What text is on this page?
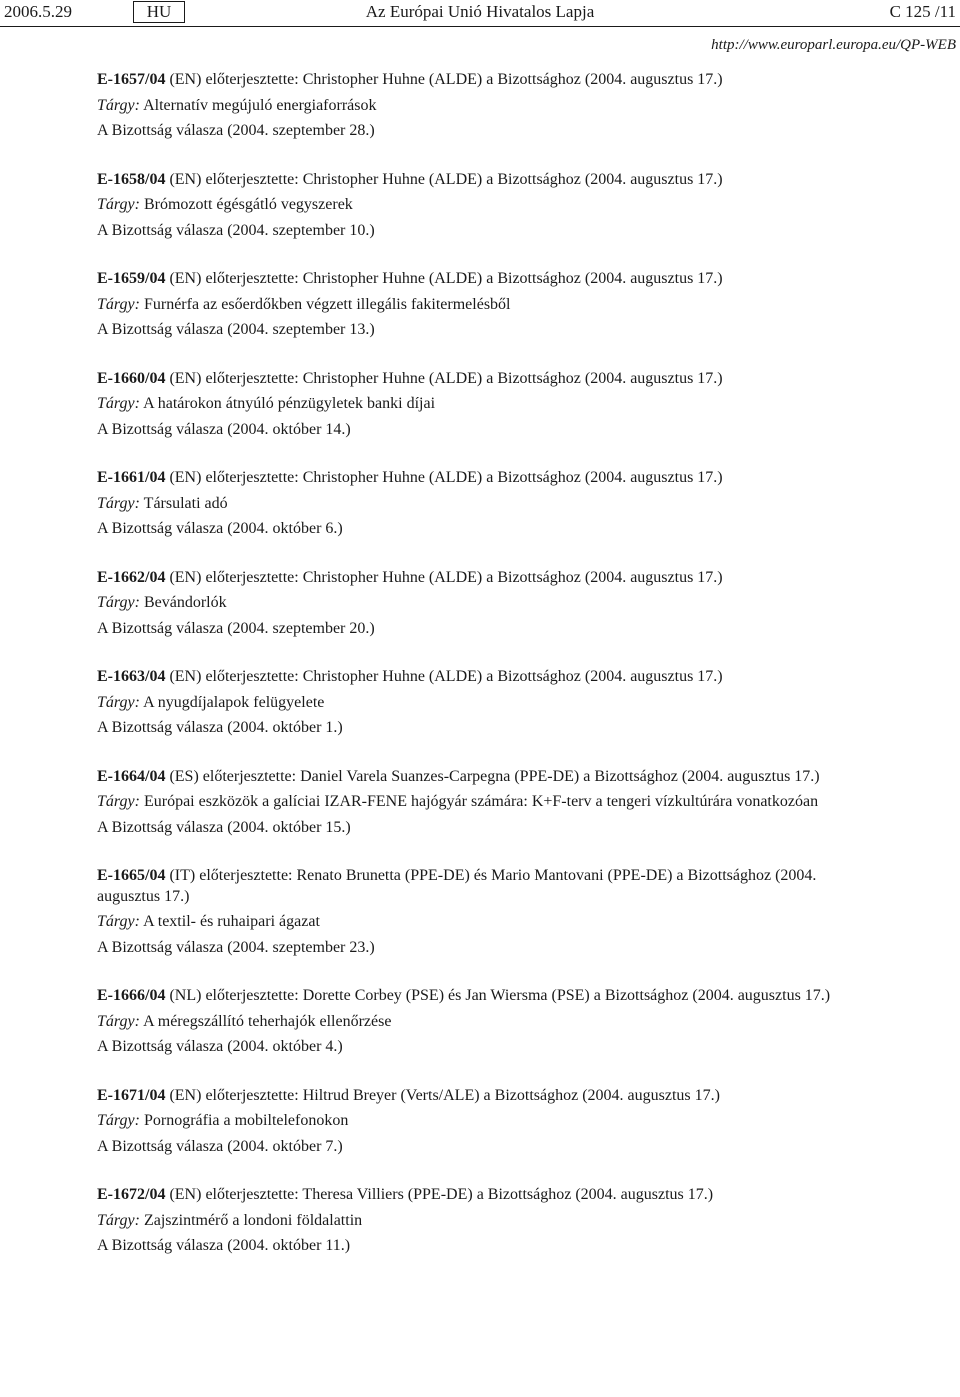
2006.5.29	HU	Az Európai Unió Hivatalos Lapja	C 125 /11
http://www.europarl.europa.eu/QP-WEB
E-1657/04 (EN) előterjesztette: Christopher Huhne (ALDE) a Bizottsághoz (2004. augusztus 17.)
Tárgy: Alternatív megújuló energiaforrások
A Bizottság válasza (2004. szeptember 28.)
E-1658/04 (EN) előterjesztette: Christopher Huhne (ALDE) a Bizottsághoz (2004. augusztus 17.)
Tárgy: Brómozott égésgátló vegyszerek
A Bizottság válasza (2004. szeptember 10.)
E-1659/04 (EN) előterjesztette: Christopher Huhne (ALDE) a Bizottsághoz (2004. augusztus 17.)
Tárgy: Furnérfa az esőerdőkben végzett illegális fakitermelésből
A Bizottság válasza (2004. szeptember 13.)
E-1660/04 (EN) előterjesztette: Christopher Huhne (ALDE) a Bizottsághoz (2004. augusztus 17.)
Tárgy: A határokon átnyúló pénzügyletek banki díjai
A Bizottság válasza (2004. október 14.)
E-1661/04 (EN) előterjesztette: Christopher Huhne (ALDE) a Bizottsághoz (2004. augusztus 17.)
Tárgy: Társulati adó
A Bizottság válasza (2004. október 6.)
E-1662/04 (EN) előterjesztette: Christopher Huhne (ALDE) a Bizottsághoz (2004. augusztus 17.)
Tárgy: Bevándorlók
A Bizottság válasza (2004. szeptember 20.)
E-1663/04 (EN) előterjesztette: Christopher Huhne (ALDE) a Bizottsághoz (2004. augusztus 17.)
Tárgy: A nyugdíjalapok felügyelete
A Bizottság válasza (2004. október 1.)
E-1664/04 (ES) előterjesztette: Daniel Varela Suanzes-Carpegna (PPE-DE) a Bizottsághoz (2004. augusztus 17.)
Tárgy: Európai eszközök a galíciai IZAR-FENE hajógyár számára: K+F-terv a tengeri vízkultúrára vonatkozóan
A Bizottság válasza (2004. október 15.)
E-1665/04 (IT) előterjesztette: Renato Brunetta (PPE-DE) és Mario Mantovani (PPE-DE) a Bizottsághoz (2004. augusztus 17.)
Tárgy: A textil- és ruhaipari ágazat
A Bizottság válasza (2004. szeptember 23.)
E-1666/04 (NL) előterjesztette: Dorette Corbey (PSE) és Jan Wiersma (PSE) a Bizottsághoz (2004. augusztus 17.)
Tárgy: A méregszállító teherhajók ellenőrzése
A Bizottság válasza (2004. október 4.)
E-1671/04 (EN) előterjesztette: Hiltrud Breyer (Verts/ALE) a Bizottsághoz (2004. augusztus 17.)
Tárgy: Pornográfia a mobiltelefonokon
A Bizottság válasza (2004. október 7.)
E-1672/04 (EN) előterjesztette: Theresa Villiers (PPE-DE) a Bizottsághoz (2004. augusztus 17.)
Tárgy: Zajszintmérő a londoni földalattin
A Bizottság válasza (2004. október 11.)
